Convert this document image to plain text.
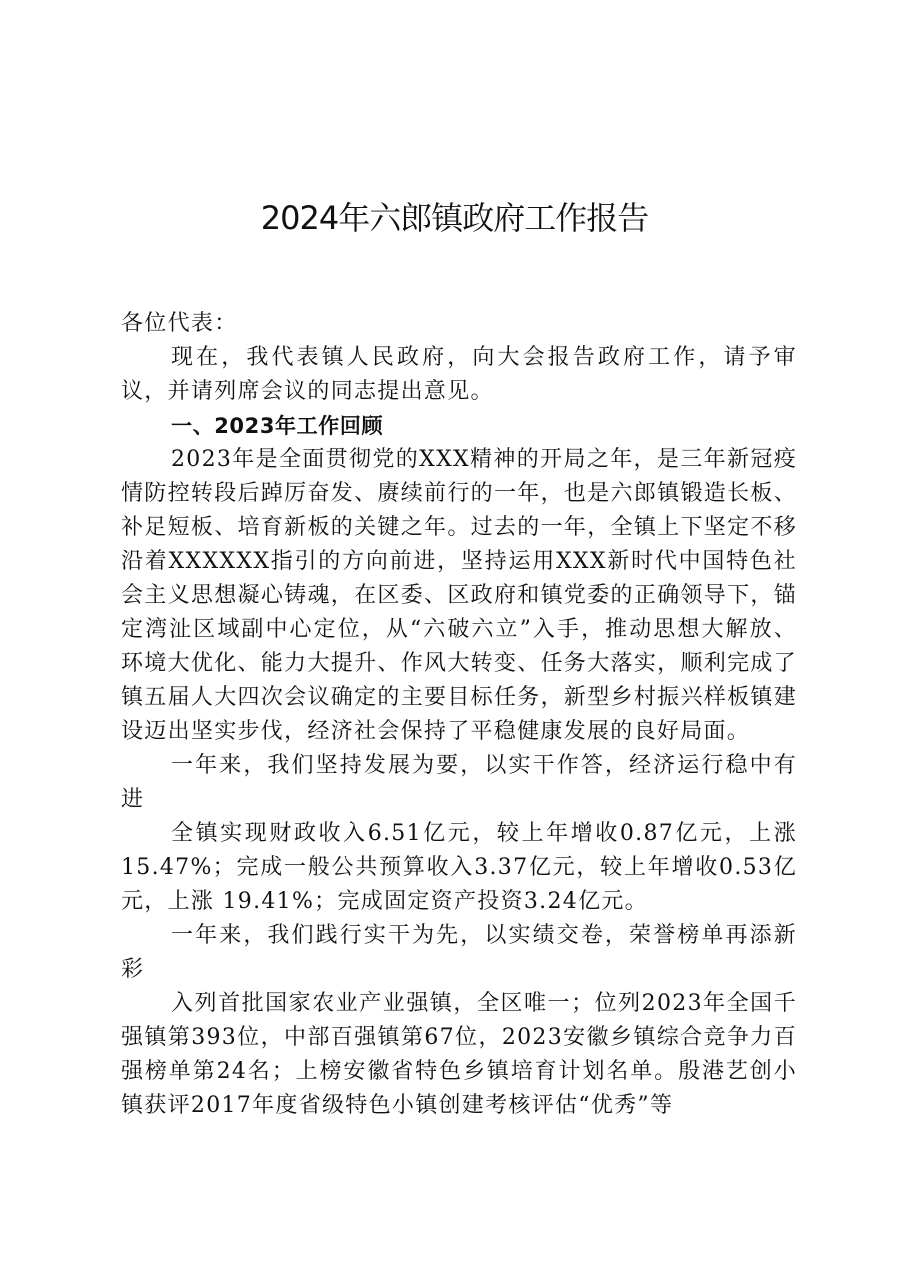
2024年六郎镇政府工作报告

各位代表：

现在，我代表镇人民政府，向大会报告政府工作，请予审议，并请列席会议的同志提出意见。

一、2023年工作回顾

2023年是全面贯彻党的XXX精神的开局之年，是三年新冠疫情防控转段后踔厉奋发、赓续前行的一年，也是六郎镇锻造长板、补足短板、培育新板的关键之年。过去的一年，全镇上下坚定不移沿着XXXXXX指引的方向前进，坚持运用XXX新时代中国特色社会主义思想凝心铸魂，在区委、区政府和镇党委的正确领导下，锚定湾沚区域副中心定位，从“六破六立”入手，推动思想大解放、环境大优化、能力大提升、作风大转变、任务大落实，顺利完成了镇五届人大四次会议确定的主要目标任务，新型乡村振兴样板镇建设迈出坚实步伐，经济社会保持了平稳健康发展的良好局面。

一年来，我们坚持发展为要，以实干作答，经济运行稳中有进

全镇实现财政收入6.51亿元，较上年增收0.87亿元，上涨15.47%；完成一般公共预算收入3.37亿元，较上年增收0.53亿元，上涨 19.41%；完成固定资产投资3.24亿元。

一年来，我们践行实干为先，以实绩交卷，荣誉榜单再添新彩

入列首批国家农业产业强镇，全区唯一；位列2023年全国千强镇第393位，中部百强镇第67位，2023安徽乡镇综合竞争力百强榜单第24名；上榜安徽省特色乡镇培育计划名单。殷港艺创小镇获评2017年度省级特色小镇创建考核评估“优秀”等
